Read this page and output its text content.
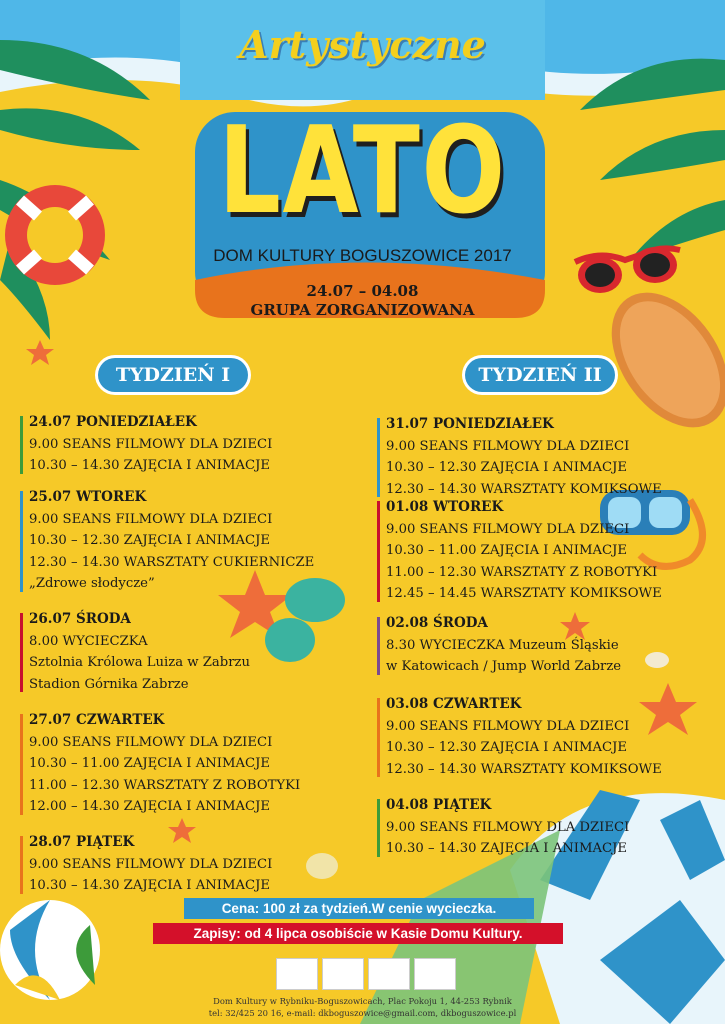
Artystyczne
LATO
DOM KULTURY BOGUSZOWICE 2017
24.07 – 04.08
GRUPA ZORGANIZOWANA
TYDZIEŃ I	TYDZIEŃ II
24.07 PONIEDZIAŁEK
9.00 SEANS FILMOWY DLA DZIECI
10.30 – 14.30 ZAJĘCIA I ANIMACJE
25.07 WTOREK
9.00 SEANS FILMOWY DLA DZIECI
10.30 – 12.30 ZAJĘCIA I ANIMACJE
12.30 – 14.30 WARSZTATY CUKIERNICZE
„Zdrowe słodycze”
26.07 ŚRODA
8.00 WYCIECZKA
Sztolnia Królowa Luiza w Zabrzu
Stadion Górnika Zabrze
27.07 CZWARTEK
9.00 SEANS FILMOWY DLA DZIECI
10.30 – 11.00 ZAJĘCIA I ANIMACJE
11.00 – 12.30 WARSZTATY Z ROBOTYKI
12.00 – 14.30 ZAJĘCIA I ANIMACJE
28.07 PIĄTEK
9.00 SEANS FILMOWY DLA DZIECI
10.30 – 14.30 ZAJĘCIA I ANIMACJE
31.07 PONIEDZIAŁEK
9.00 SEANS FILMOWY DLA DZIECI
10.30 – 12.30 ZAJĘCIA I ANIMACJE
12.30 – 14.30 WARSZTATY KOMIKSOWE
01.08 WTOREK
9.00 SEANS FILMOWY DLA DZIECI
10.30 – 11.00 ZAJĘCIA I ANIMACJE
11.00 – 12.30 WARSZTATY Z ROBOTYKI
12.45 – 14.45 WARSZTATY KOMIKSOWE
02.08 ŚRODA
8.30 WYCIECZKA Muzeum Śląskie
w Katowicach / Jump World Zabrze
03.08 CZWARTEK
9.00 SEANS FILMOWY DLA DZIECI
10.30 – 12.30 ZAJĘCIA I ANIMACJE
12.30 – 14.30 WARSZTATY KOMIKSOWE
04.08 PIĄTEK
9.00 SEANS FILMOWY DLA DZIECI
10.30 – 14.30 ZAJĘCIA I ANIMACJE
Cena: 100 zł za tydzień.W cenie wycieczka.
Zapisy: od 4 lipca osobiście w Kasie Domu Kultury.
Dom Kultury w Rybniku-Boguszowicach, Plac Pokoju 1, 44-253 Rybnik
tel: 32/425 20 16, e-mail: dkboguszowice@gmail.com, dkboguszowice.pl
